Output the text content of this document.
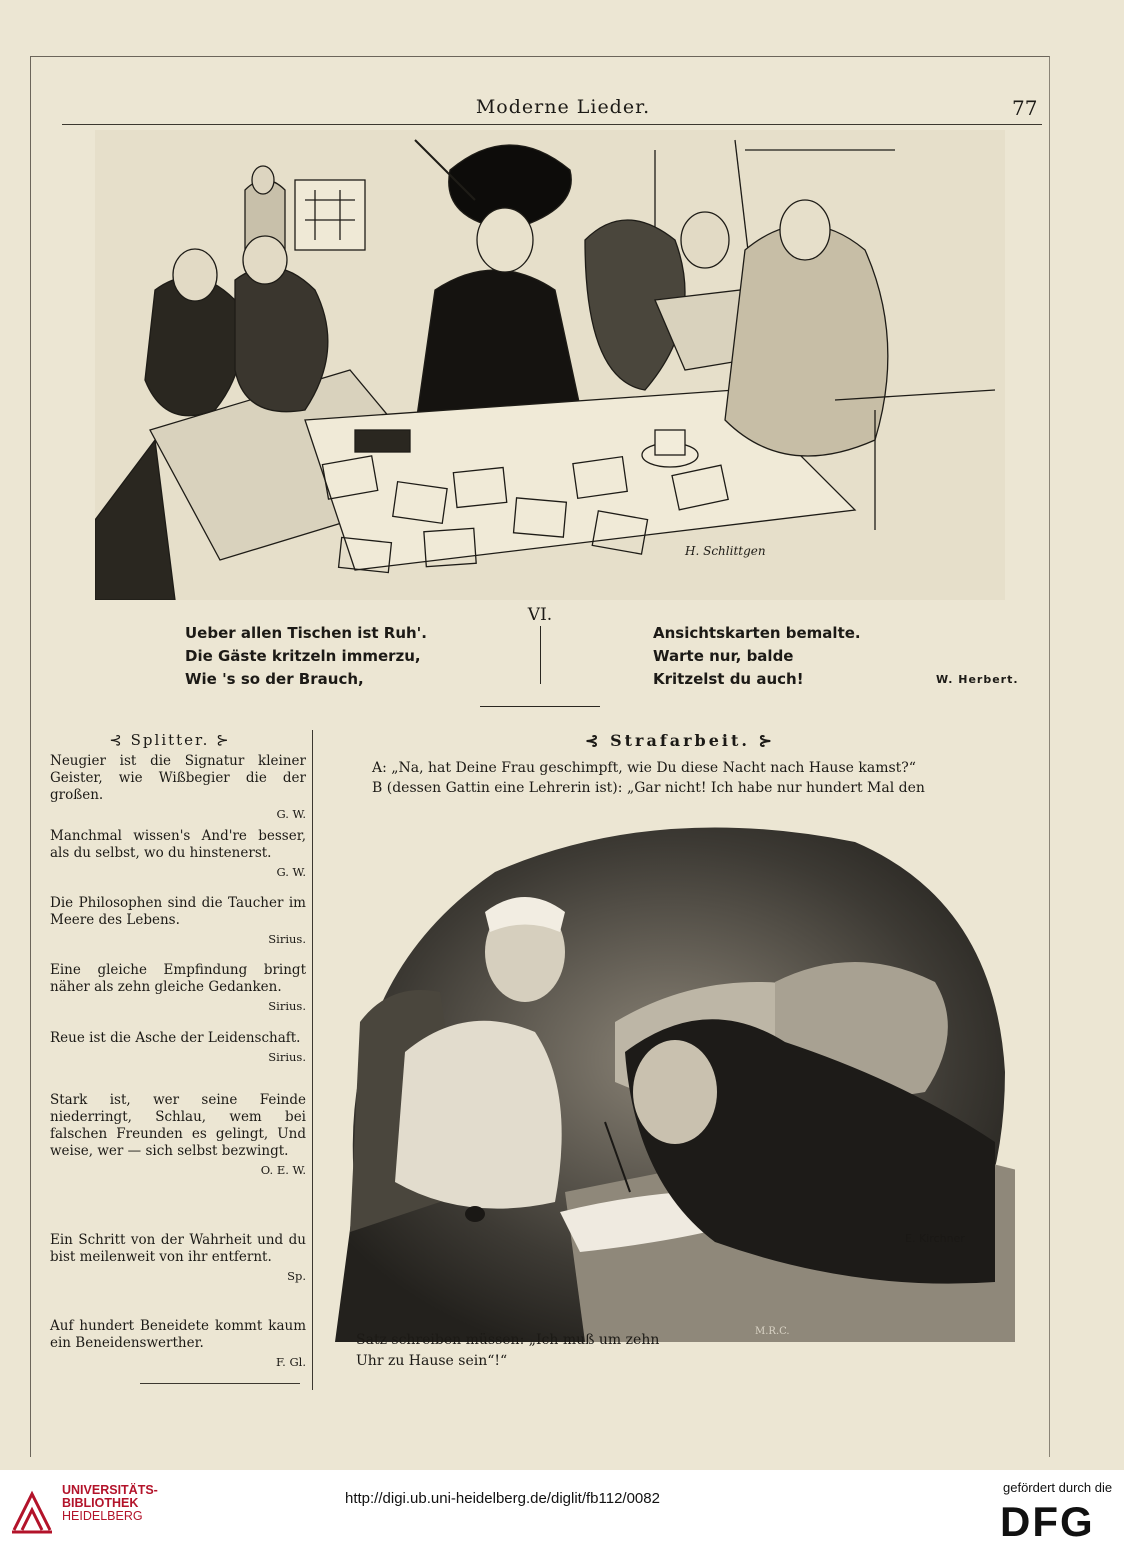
Moderne Lieder.	77
H. Schlittgen
VI.
Ueber allen Tischen ist Ruh'.
Die Gäste kritzeln immerzu,
Wie 's so der Brauch,
Ansichtskarten bemalte.
Warte nur, balde
Kritzelst du auch!	W. Herbert.
⊰ Splitter. ⊱
Neugier ist die Signatur kleiner Geister, wie Wißbegier die der großen.
G. W.
Manchmal wissen's And're besser, als du selbst, wo du hinstenerst.
G. W.
Die Philosophen sind die Taucher im Meere des Lebens.
Sirius.
Eine gleiche Empfindung bringt näher als zehn gleiche Gedanken.
Sirius.
Reue ist die Asche der Leidenschaft.
Sirius.
Stark ist, wer seine Feinde niederringt, Schlau, wem bei falschen Freunden es gelingt, Und weise, wer — sich selbst bezwingt.
O. E. W.
Ein Schritt von der Wahrheit und du bist meilenweit von ihr entfernt.
Sp.
Auf hundert Beneidete kommt kaum ein Beneidenswerther.
F. Gl.
⊰ Strafarbeit. ⊱
A: „Na, hat Deine Frau geschimpft, wie Du diese Nacht nach Hause kamst?“
B (dessen Gattin eine Lehrerin ist): „Gar nicht! Ich habe nur hundert Mal den
E. Kirchner
M.R.C.
Satz schreiben müssen: „Ich muß um zehn
Uhr zu Hause sein“!“
UNIVERSITÄTS-
BIBLIOTHEK
HEIDELBERG
http://digi.ub.uni-heidelberg.de/diglit/fb112/0082
gefördert durch die
DFG
